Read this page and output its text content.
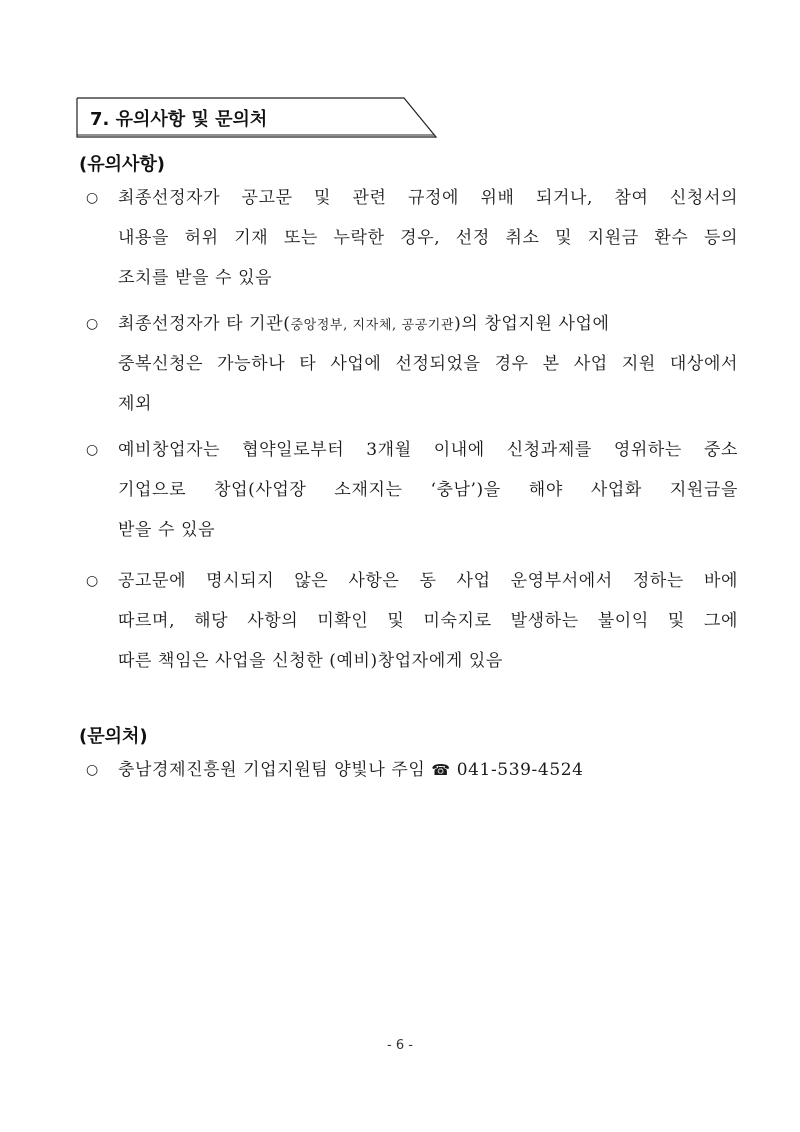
7. 유의사항 및 문의처
(유의사항)
○ 최종선정자가 공고문 및 관련 규정에 위배 되거나, 참여 신청서의
내용을 허위 기재 또는 누락한 경우, 선정 취소 및 지원금 환수 등의
조치를 받을 수 있음
○ 최종선정자가 타 기관(중앙정부, 지자체, 공공기관)의 창업지원 사업에
중복신청은 가능하나 타 사업에 선정되었을 경우 본 사업 지원 대상에서
제외
○ 예비창업자는 협약일로부터 3개월 이내에 신청과제를 영위하는 중소
기업으로 창업(사업장 소재지는 ‘충남’)을 해야 사업화 지원금을
받을 수 있음
○ 공고문에 명시되지 않은 사항은 동 사업 운영부서에서 정하는 바에
따르며, 해당 사항의 미확인 및 미숙지로 발생하는 불이익 및 그에
따른 책임은 사업을 신청한 (예비)창업자에게 있음
(문의처)
○ 충남경제진흥원 기업지원팀 양빛나 주임 ☎ 041-539-4524
- 6 -
